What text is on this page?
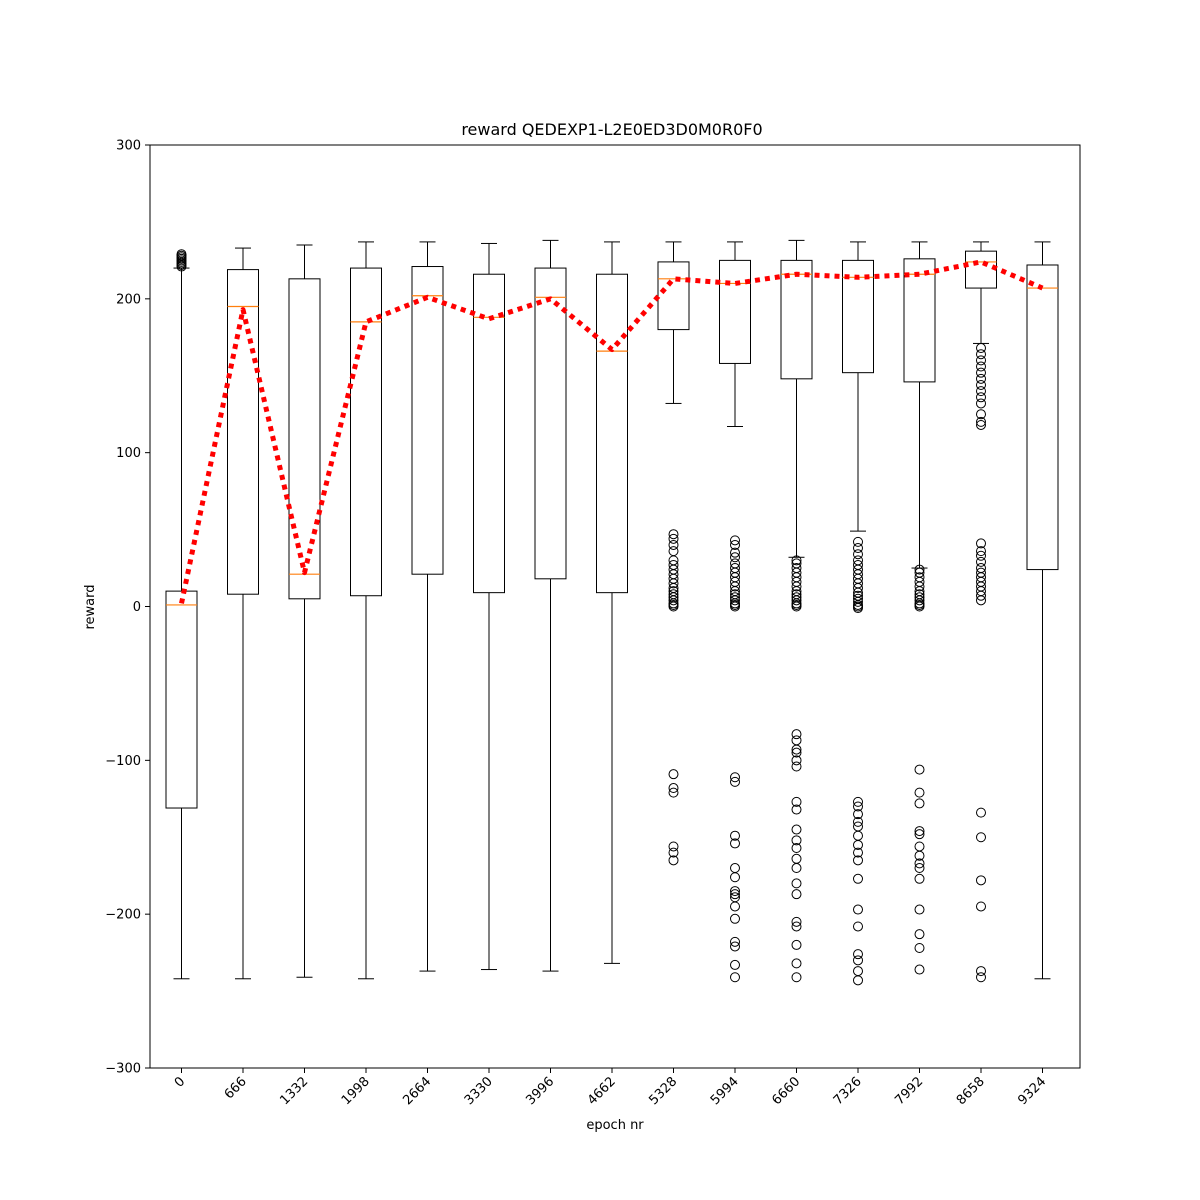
reward QEDEXP1-L2E0ED3D0M0R0F0
−300
−200
−100
0
100
200
300
0	666 1332 1998 2664 3330 3996 4662 5328 5994 6660 7326 7992 8658 9324
epoch nr
reward
